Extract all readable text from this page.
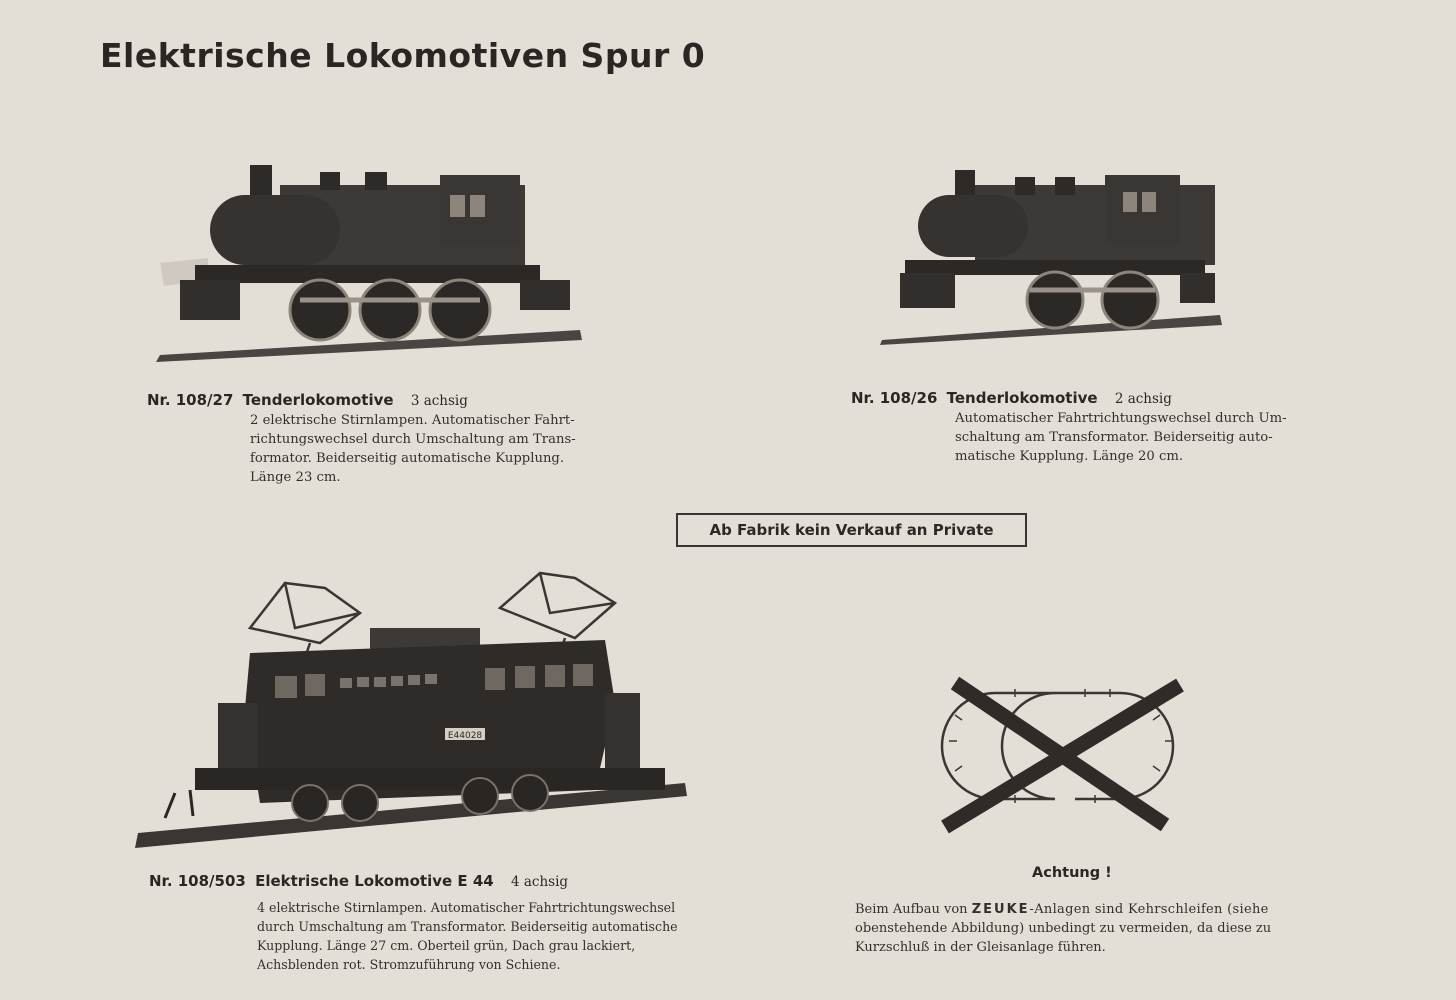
Elektrische Lokomotiven Spur 0
Nr. 108/27 Tenderlokomotive 3 achsig
2 elektrische Stirnlampen. Automatischer Fahrt-
richtungswechsel durch Umschaltung am Trans-
formator. Beiderseitig automatische Kupplung.
Länge 23 cm.
Nr. 108/26 Tenderlokomotive 2 achsig
Automatischer Fahrtrichtungswechsel durch Um-
schaltung am Transformator. Beiderseitig auto-
matische Kupplung. Länge 20 cm.
Ab Fabrik kein Verkauf an Private
E44028
Nr. 108/503 Elektrische Lokomotive E 44 4 achsig
4 elektrische Stirnlampen. Automatischer Fahrtrichtungswechsel
durch Umschaltung am Transformator. Beiderseitig automatische
Kupplung. Länge 27 cm. Oberteil grün, Dach grau lackiert,
Achsblenden rot. Stromzuführung von Schiene.
Achtung !
Beim Aufbau von ZEUKE-Anlagen sind Kehrschleifen (siehe
obenstehende Abbildung) unbedingt zu vermeiden, da diese zu
Kurzschluß in der Gleisanlage führen.
